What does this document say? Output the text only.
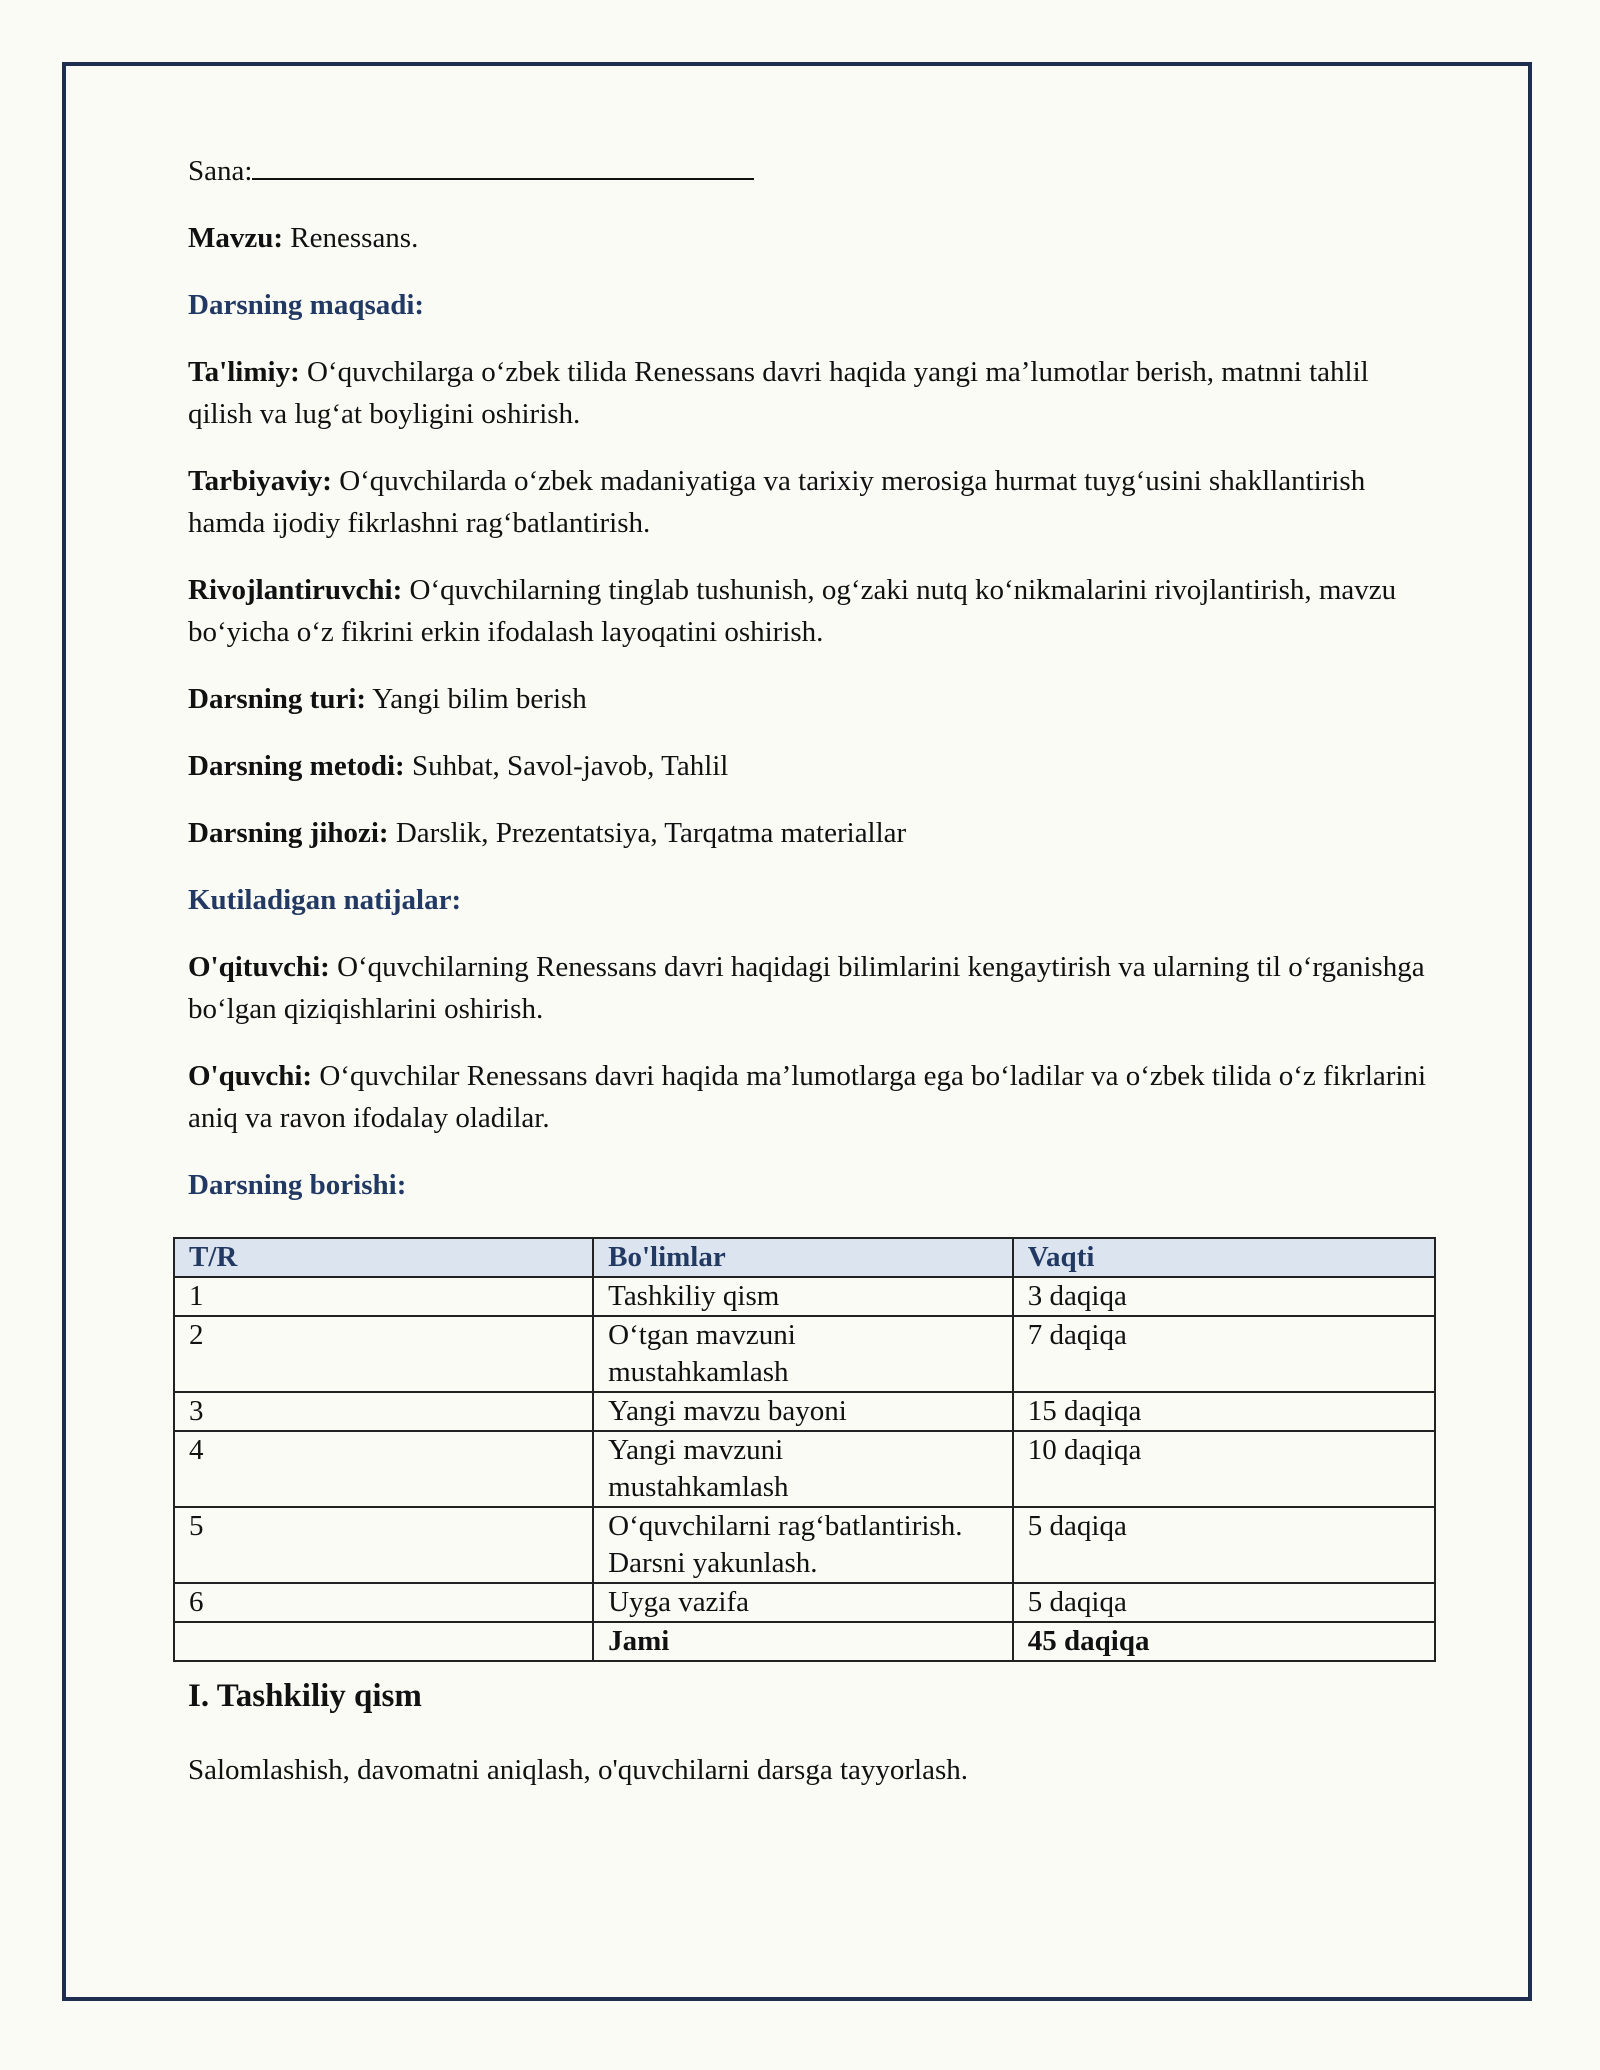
Sana:

Mavzu: Renessans.

Darsning maqsadi:

Ta'limiy: O‘quvchilarga o‘zbek tilida Renessans davri haqida yangi ma’lumotlar berish, matnni tahlil qilish va lug‘at boyligini oshirish.

Tarbiyaviy: O‘quvchilarda o‘zbek madaniyatiga va tarixiy merosiga hurmat tuyg‘usini shakllantirish hamda ijodiy fikrlashni rag‘batlantirish.

Rivojlantiruvchi: O‘quvchilarning tinglab tushunish, og‘zaki nutq ko‘nikmalarini rivojlantirish, mavzu bo‘yicha o‘z fikrini erkin ifodalash layoqatini oshirish.

Darsning turi: Yangi bilim berish

Darsning metodi: Suhbat, Savol-javob, Tahlil

Darsning jihozi: Darslik, Prezentatsiya, Tarqatma materiallar

Kutiladigan natijalar:

O'qituvchi: O‘quvchilarning Renessans davri haqidagi bilimlarini kengaytirish va ularning til o‘rganishga bo‘lgan qiziqishlarini oshirish.

O'quvchi: O‘quvchilar Renessans davri haqida ma’lumotlarga ega bo‘ladilar va o‘zbek tilida o‘z fikrlarini aniq va ravon ifodalay oladilar.

Darsning borishi:

T/R	Bo'limlar	Vaqti
1	Tashkiliy qism	3 daqiqa
2	O‘tgan mavzuni mustahkamlash	7 daqiqa
3	Yangi mavzu bayoni	15 daqiqa
4	Yangi mavzuni mustahkamlash	10 daqiqa
5	O‘quvchilarni rag‘batlantirish. Darsni yakunlash.	5 daqiqa
6	Uyga vazifa	5 daqiqa
	Jami	45 daqiqa
I. Tashkiliy qism

Salomlashish, davomatni aniqlash, o'quvchilarni darsga tayyorlash.
